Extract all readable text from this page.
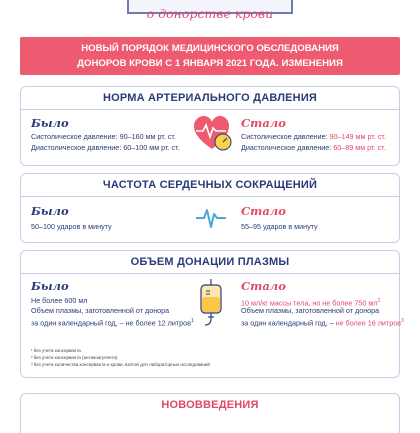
о донорстве крови
НОВЫЙ ПОРЯДОК МЕДИЦИНСКОГО ОБСЛЕДОВАНИЯ
ДОНОРОВ КРОВИ С 1 ЯНВАРЯ 2021 ГОДА. ИЗМЕНЕНИЯ
НОРМА АРТЕРИАЛЬНОГО ДАВЛЕНИЯ
Было
Систолическое давление: 90–160 мм рт. ст.
Диастолическое давление: 60–100 мм рт. ст.
Стало
Систолическое давление: 90–149 мм рт. ст.
Диастолическое давление: 60–89 мм рт. ст.
ЧАСТОТА СЕРДЕЧНЫХ СОКРАЩЕНИЙ
Было
50–100 ударов в минуту
Стало
55–95 ударов в минуту
ОБЪЕМ ДОНАЦИИ ПЛАЗМЫ
Было
Не более 600 мл
Объем плазмы, заготовленной от донора
за один календарный год, – не более 12 литров$^1$
Стало
10 мл/кг массы тела, но не более 750 $мл^2$
Объем плазмы, заготовленной от донора
за один календарный год, – не более 16 литров$^3$
¹ без учета консерванта
² без учета консерванта (антикоагулянта)
³ без учета количества консерванта и крови, взятой для лабораторных исследований
НОВОВВЕДЕНИЯ
